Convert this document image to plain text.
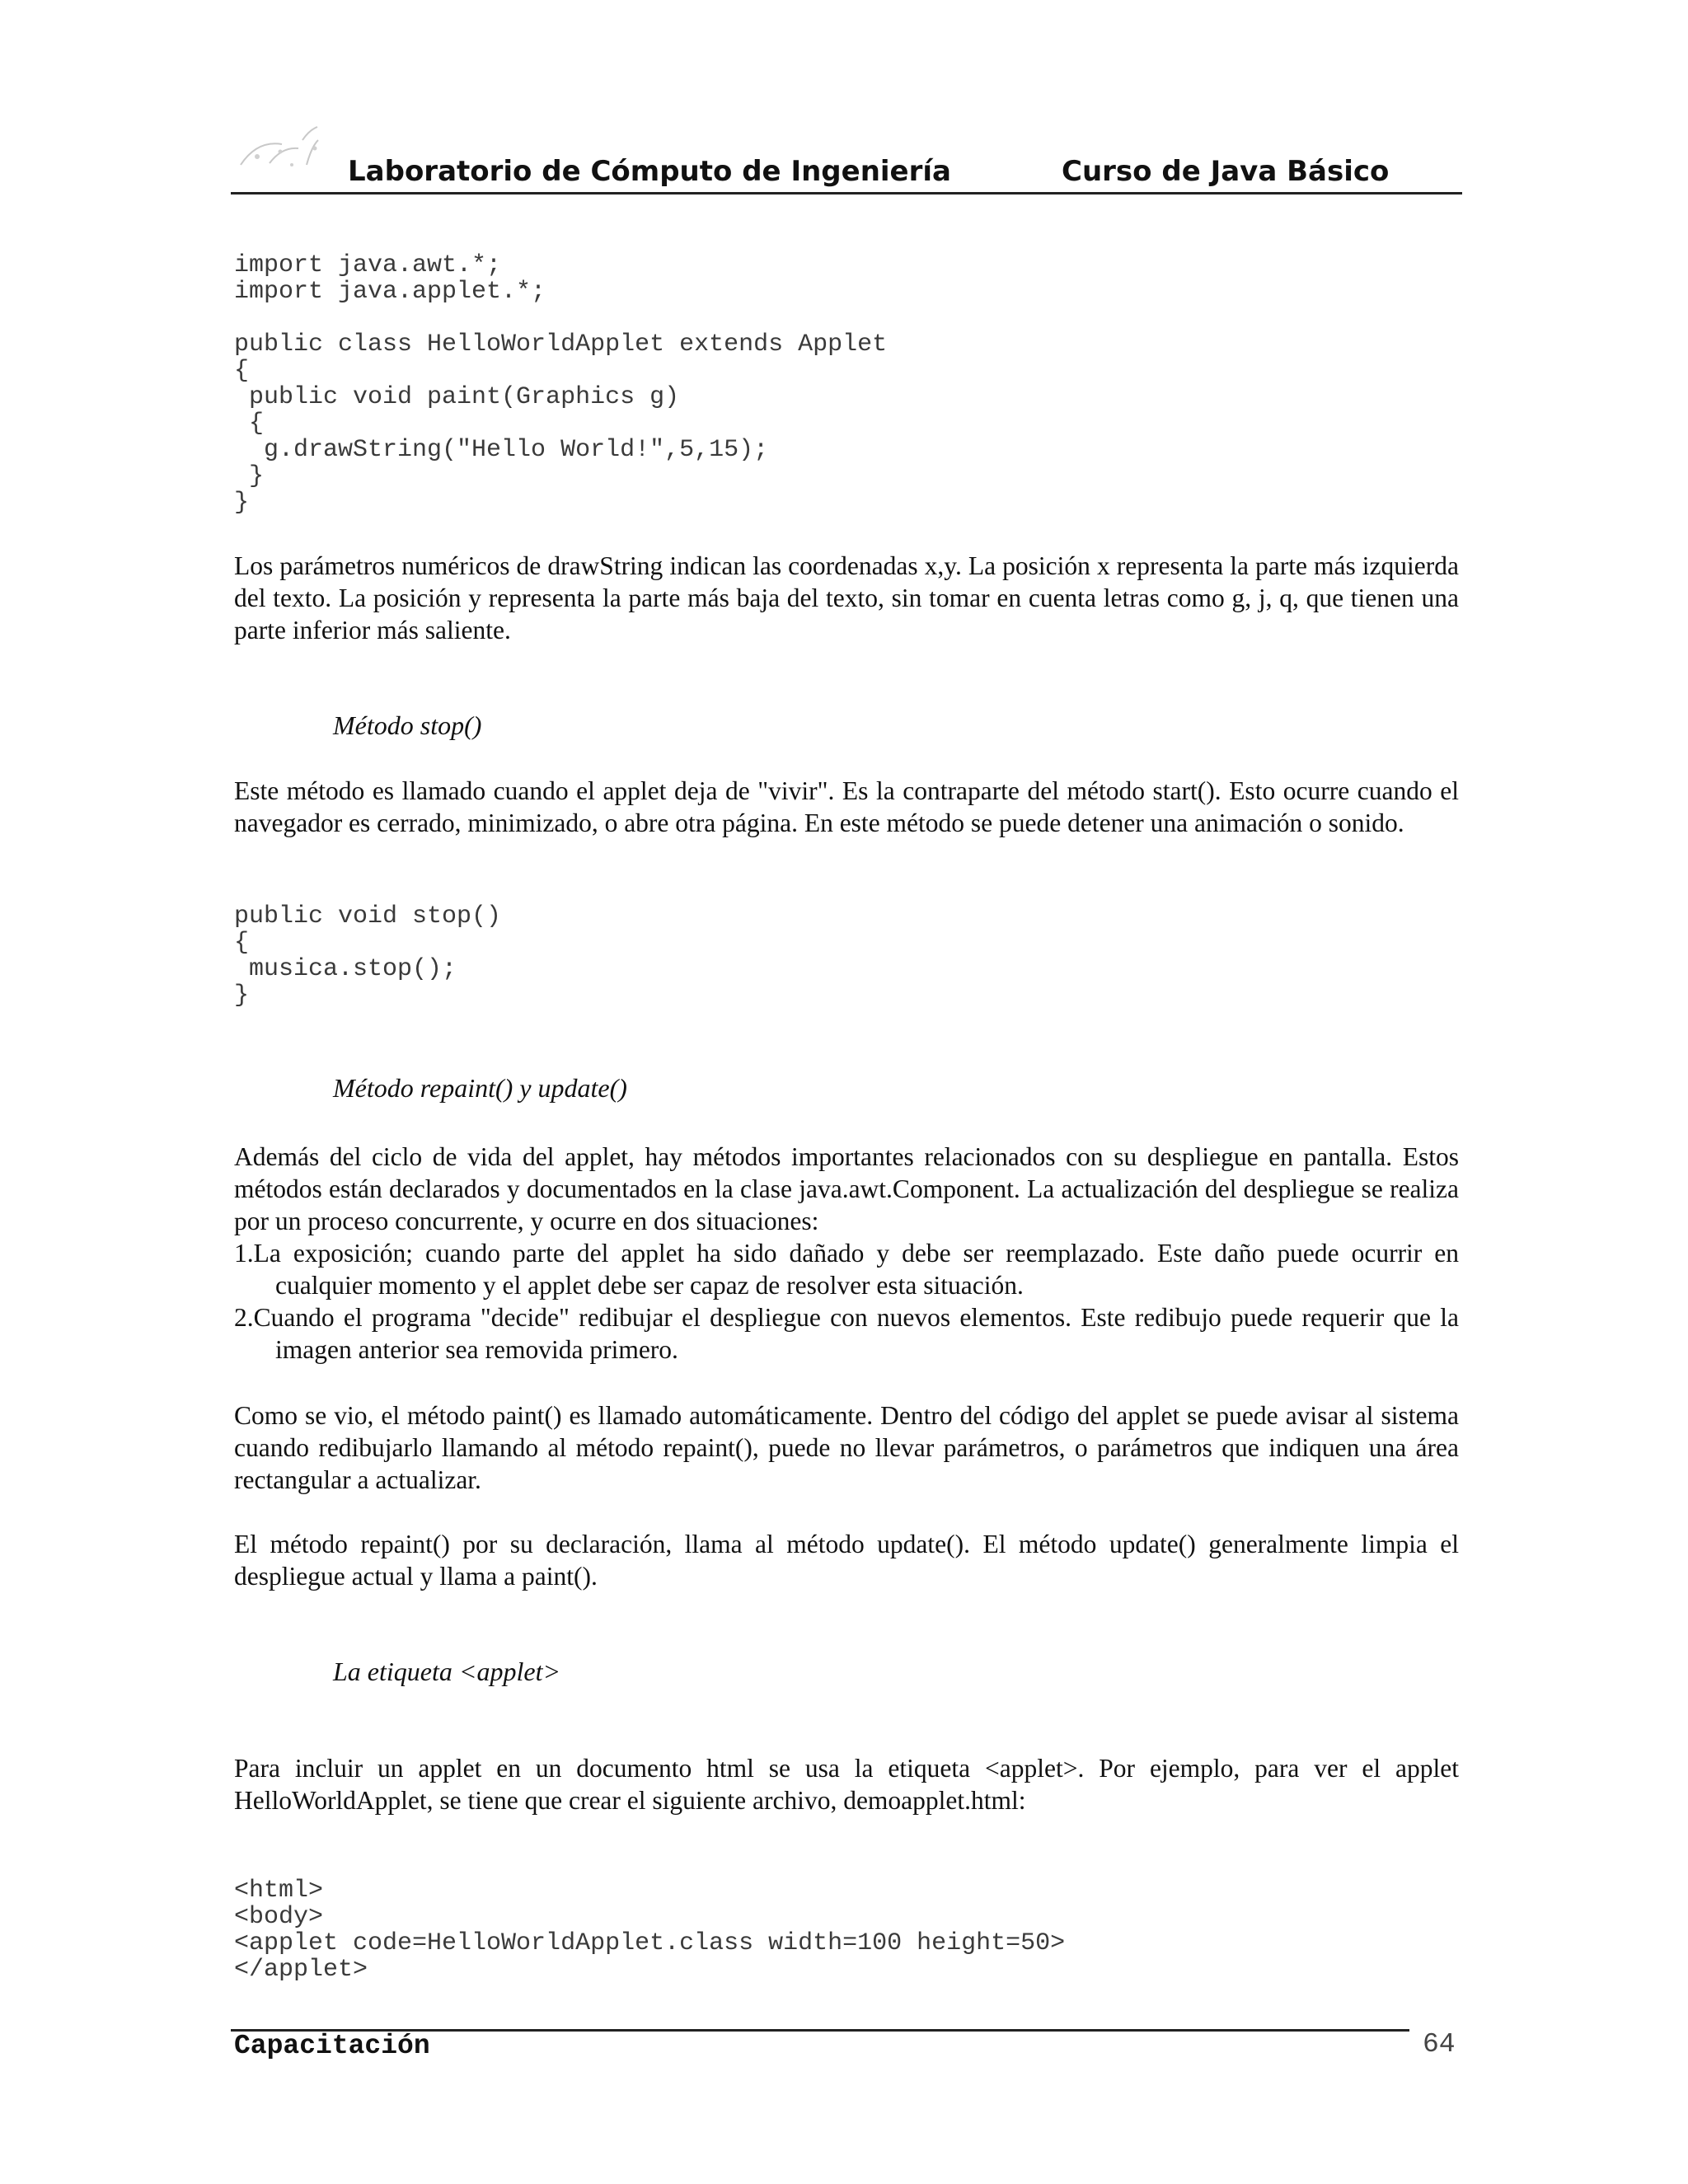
Laboratorio de Cómputo de Ingeniería	Curso de Java Básico
import java.awt.*;
import java.applet.*;

public class HelloWorldApplet extends Applet
{
public void paint(Graphics g)
{
g.drawString("Hello World!",5,15);
}
}

Los parámetros numéricos de drawString indican las coordenadas x,y. La posición x representa la parte más izquierda del texto. La posición y representa la parte más baja del texto, sin tomar en cuenta letras como g, j, q, que tienen una parte inferior más saliente.

Método stop()

Este método es llamado cuando el applet deja de "vivir". Es la contraparte del método start(). Esto ocurre cuando el navegador es cerrado, minimizado, o abre otra página. En este método se puede detener una animación o sonido.

public void stop()
{
musica.stop();
}
Método repaint() y update()

Además del ciclo de vida del applet, hay métodos importantes relacionados con su despliegue en pantalla. Estos métodos están declarados y documentados en la clase java.awt.Component. La actualización del despliegue se realiza por un proceso concurrente, y ocurre en dos situaciones:

1.La exposición; cuando parte del applet ha sido dañado y debe ser reemplazado. Este daño puede ocurrir en cualquier momento y el applet debe ser capaz de resolver esta situación.
2.Cuando el programa "decide" redibujar el despliegue con nuevos elementos. Este redibujo puede requerir que la imagen anterior sea removida primero.

Como se vio, el método paint() es llamado automáticamente. Dentro del código del applet se puede avisar al sistema cuando redibujarlo llamando al método repaint(), puede no llevar parámetros, o parámetros que indiquen una área rectangular a actualizar.

El método repaint() por su declaración, llama al método update(). El método update() generalmente limpia el despliegue actual y llama a paint().

La etiqueta <applet>

Para incluir un applet en un documento html se usa la etiqueta <applet>. Por ejemplo, para ver el applet HelloWorldApplet, se tiene que crear el siguiente archivo, demoapplet.html:

<html>
<body>
<applet code=HelloWorldApplet.class width=100 height=50>
</applet>
Capacitación	64
